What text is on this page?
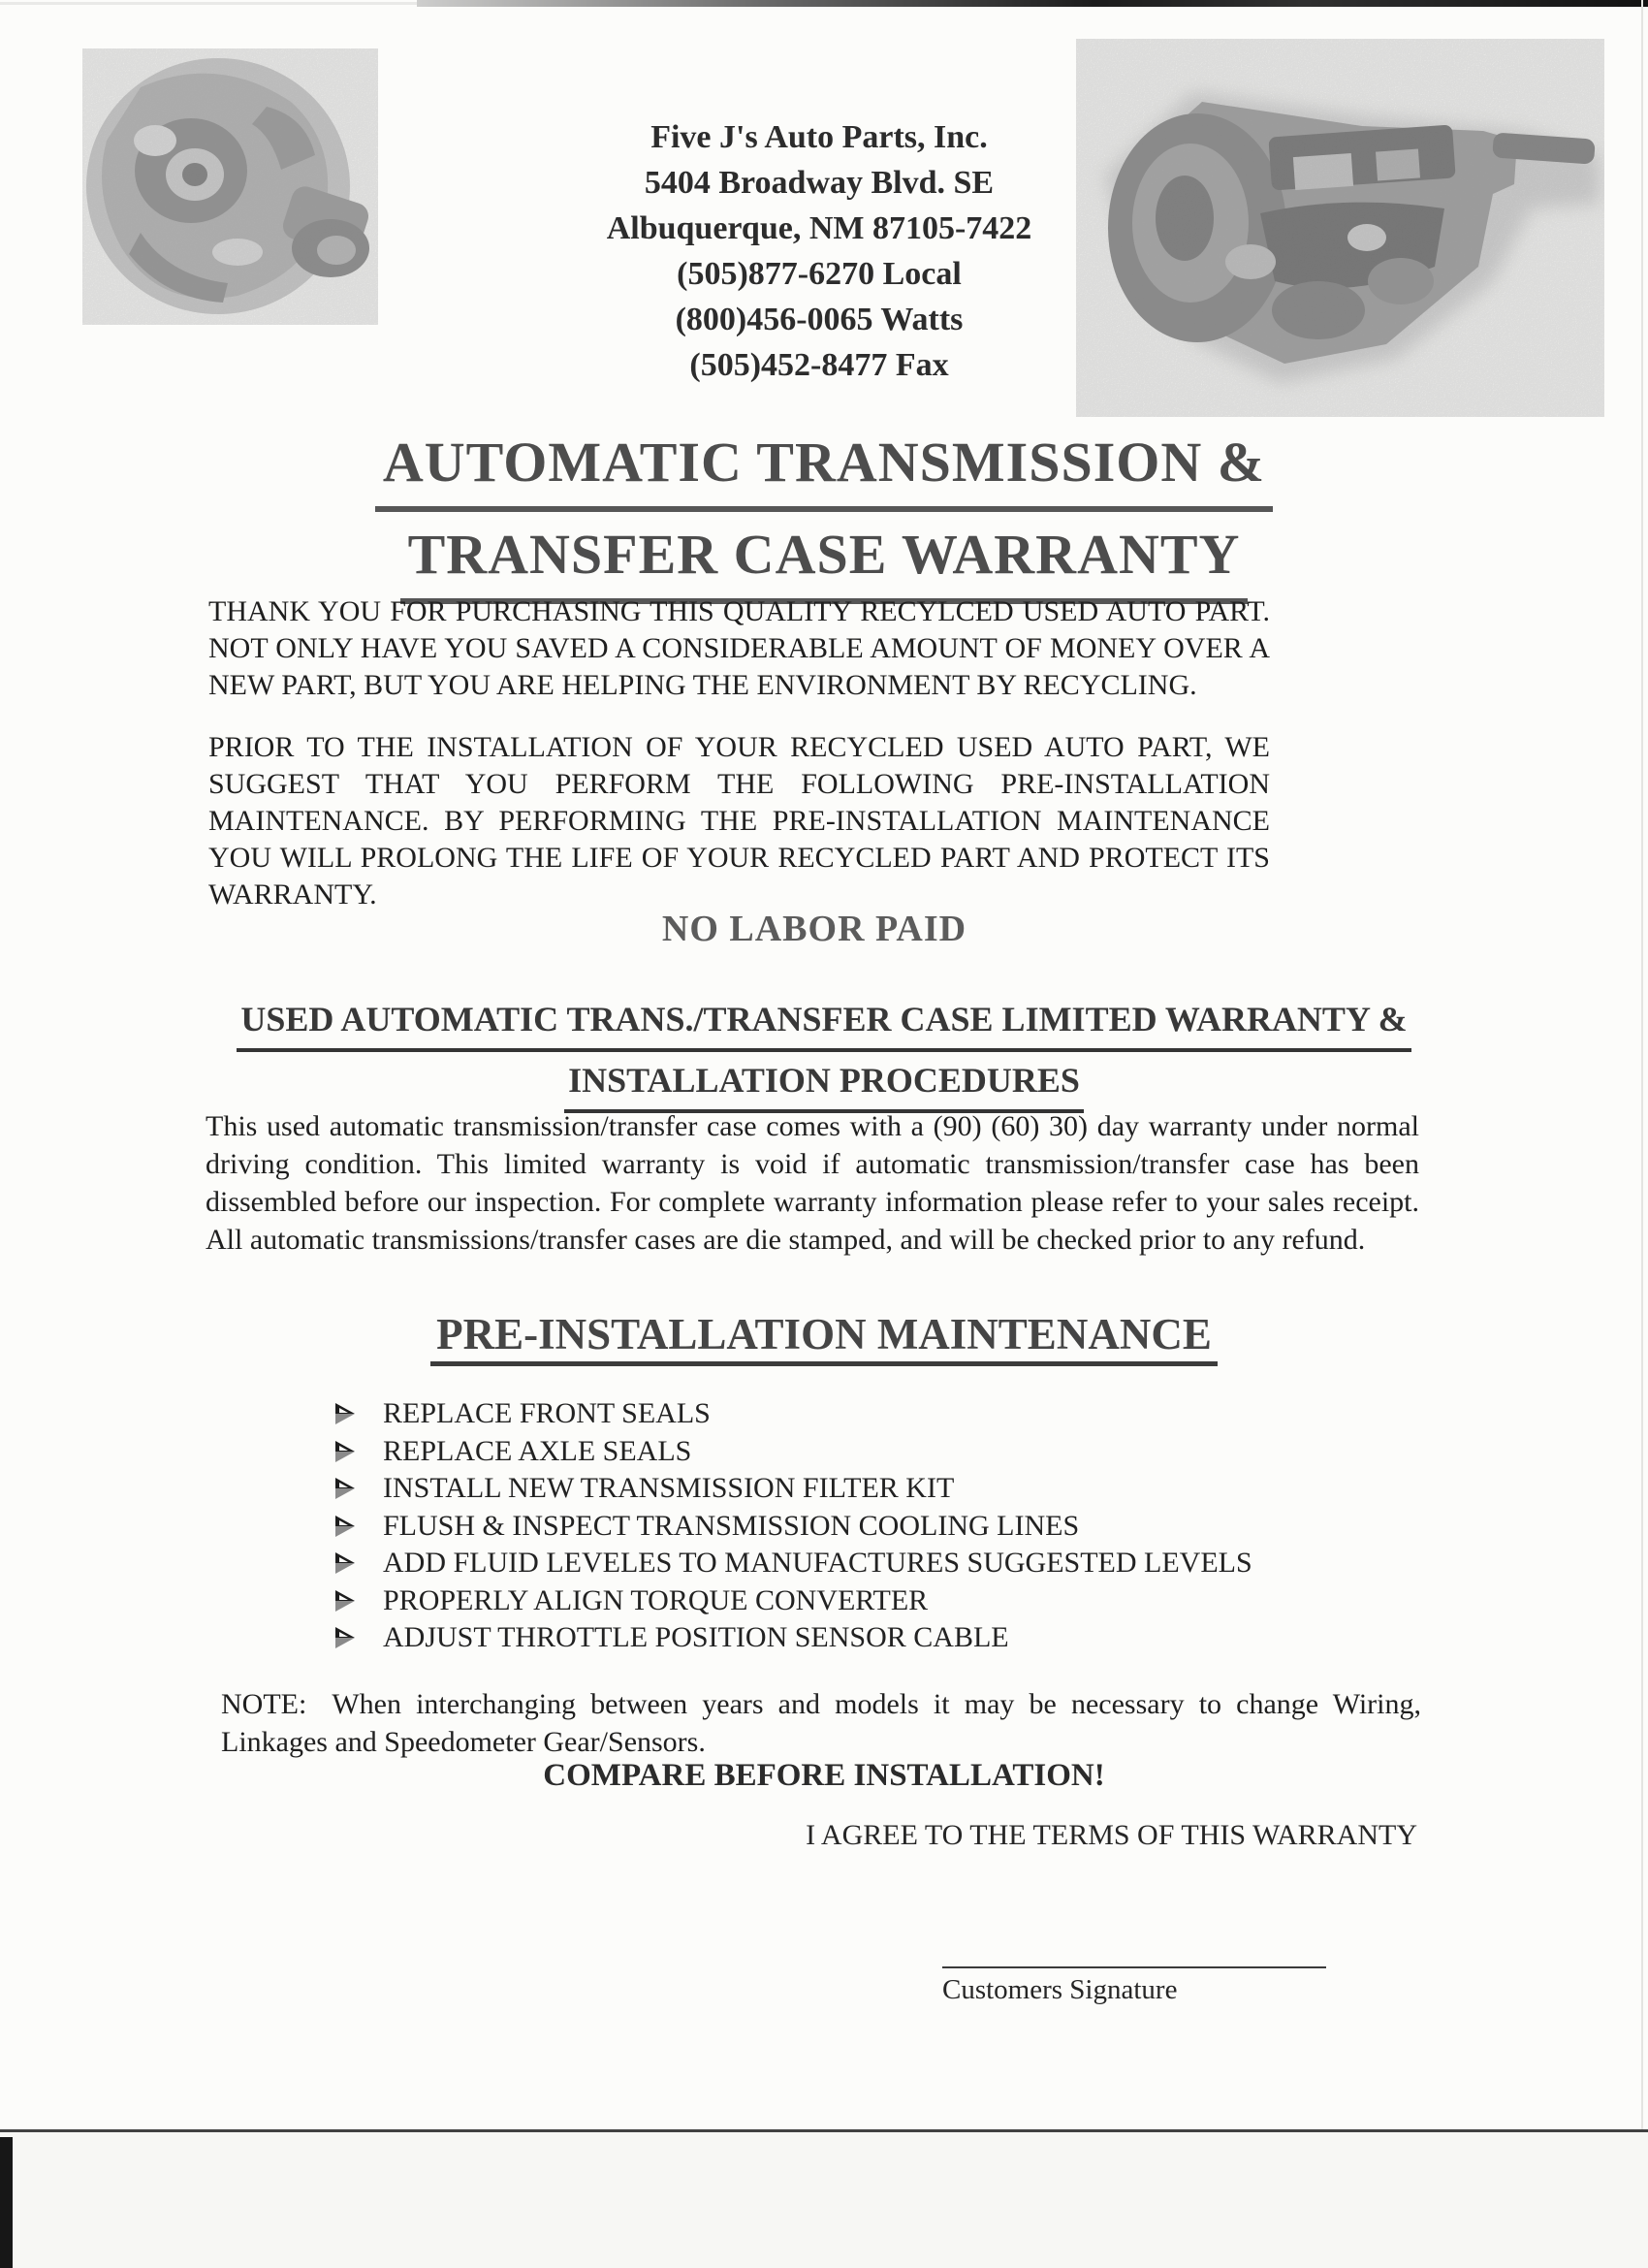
Five J's Auto Parts, Inc.
5404 Broadway Blvd. SE
Albuquerque, NM 87105-7422
(505)877-6270 Local
(800)456-0065 Watts
(505)452-8477 Fax
AUTOMATIC TRANSMISSION &
TRANSFER CASE WARRANTY

THANK YOU FOR PURCHASING THIS QUALITY RECYLCED USED AUTO PART. NOT ONLY HAVE YOU SAVED A CONSIDERABLE AMOUNT OF MONEY OVER A NEW PART, BUT YOU ARE HELPING THE ENVIRONMENT BY RECYCLING.

PRIOR TO THE INSTALLATION OF YOUR RECYCLED USED AUTO PART, WE SUGGEST THAT YOU PERFORM THE FOLLOWING PRE-INSTALLATION MAINTENANCE. BY PERFORMING THE PRE-INSTALLATION MAINTENANCE YOU WILL PROLONG THE LIFE OF YOUR RECYCLED PART AND PROTECT ITS WARRANTY.

NO LABOR PAID
USED AUTOMATIC TRANS./TRANSFER CASE LIMITED WARRANTY &
INSTALLATION PROCEDURES

This used automatic transmission/transfer case comes with a (90) (60) 30) day warranty under normal driving condition. This limited warranty is void if automatic transmission/transfer case has been dissembled before our inspection. For complete warranty information please refer to your sales receipt. All automatic transmissions/transfer cases are die stamped, and will be checked prior to any refund.

PRE-INSTALLATION MAINTENANCE
REPLACE FRONT SEALS
REPLACE AXLE SEALS
INSTALL NEW TRANSMISSION FILTER KIT
FLUSH & INSPECT TRANSMISSION COOLING LINES
ADD FLUID LEVELES TO MANUFACTURES SUGGESTED LEVELS
PROPERLY ALIGN TORQUE CONVERTER
ADJUST THROTTLE POSITION SENSOR CABLE

NOTE: When interchanging between years and models it may be necessary to change Wiring, Linkages and Speedometer Gear/Sensors.

COMPARE BEFORE INSTALLATION!
I AGREE TO THE TERMS OF THIS WARRANTY
Customers Signature
